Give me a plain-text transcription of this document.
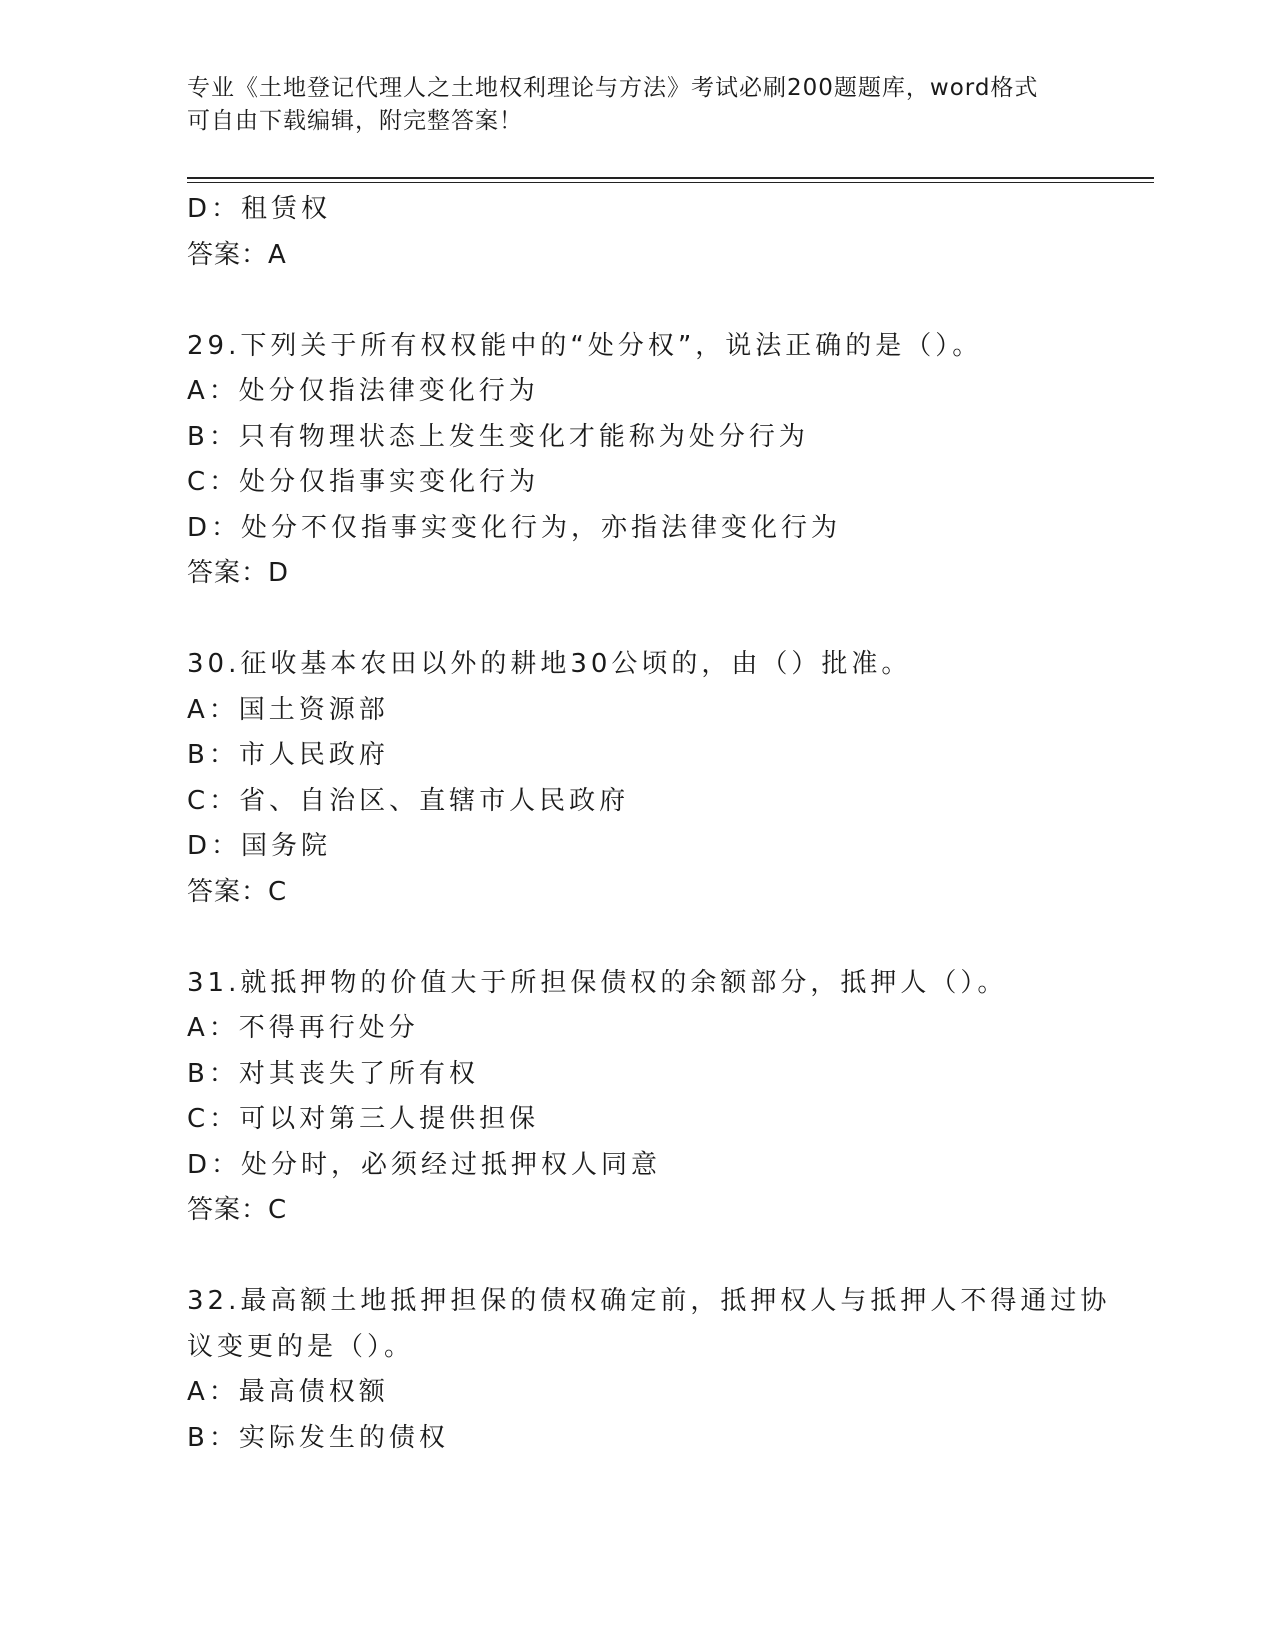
专业《土地登记代理人之土地权利理论与方法》考试必刷200题题库，word格式
可自由下载编辑，附完整答案！
D：租赁权
答案：A
29.下列关于所有权权能中的“处分权”，说法正确的是（）。
A：处分仅指法律变化行为
B：只有物理状态上发生变化才能称为处分行为
C：处分仅指事实变化行为
D：处分不仅指事实变化行为，亦指法律变化行为
答案：D
30.征收基本农田以外的耕地30公顷的，由（）批准。
A：国土资源部
B：市人民政府
C：省、自治区、直辖市人民政府
D：国务院
答案：C
31.就抵押物的价值大于所担保债权的余额部分，抵押人（）。
A：不得再行处分
B：对其丧失了所有权
C：可以对第三人提供担保
D：处分时，必须经过抵押权人同意
答案：C
32.最高额土地抵押担保的债权确定前，抵押权人与抵押人不得通过协
议变更的是（）。
A：最高债权额
B：实际发生的债权
